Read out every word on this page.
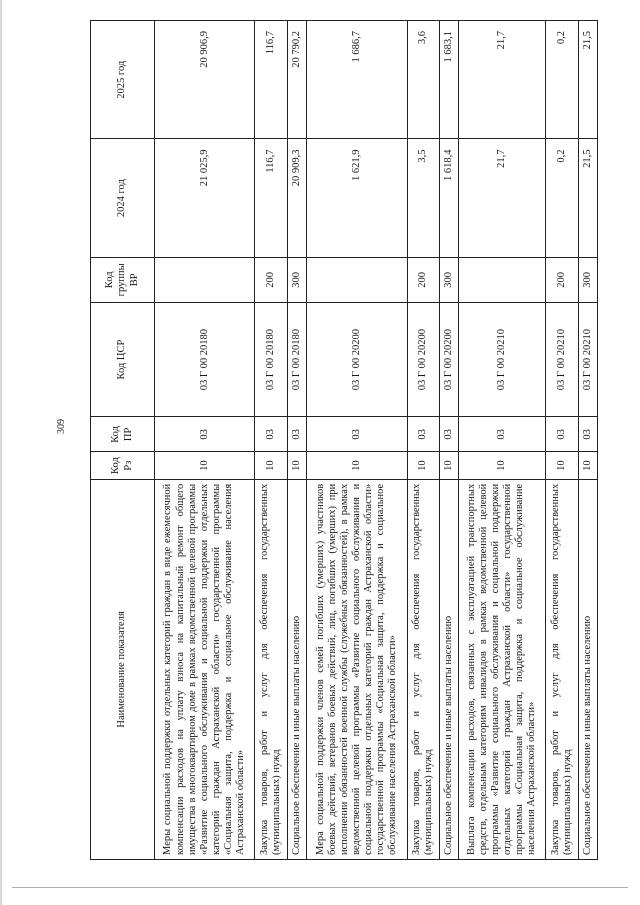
309
Наименование показателя	Код Рз	Код ПР	Код ЦСР	Код группы ВР	2024 год	2025 год
Меры социальной поддержки отдельных категорий граждан в виде ежемесячной компенсации расходов на уплату взноса на капитальный ремонт общего имущества в многоквартирном доме в рамках ведомственной целевой программы «Развитие социального обслуживания и социальной поддержки отдельных категорий граждан Астраханской области» государственной программы «Социальная защита, поддержка и социальное обслуживание населения Астраханской области»	10	03	03 Г 00 20180		21 025,9	20 906,9
Закупка товаров, работ и услуг для обеспечения государственных (муниципальных) нужд	10	03	03 Г 00 20180	200	116,7	116,7
Социальное обеспечение и иные выплаты населению	10	03	03 Г 00 20180	300	20 909,3	20 790,2
Мера социальной поддержки членов семей погибших (умерших) участников боевых действий, ветеранов боевых действий, лиц, погибших (умерших) при исполнении обязанностей военной службы (служебных обязанностей), в рамках ведомственной целевой программы «Развитие социального обслуживания и социальной поддержки отдельных категорий граждан Астраханской области» государственной программы «Социальная защита, поддержка и социальное обслуживание населения Астраханской области»	10	03	03 Г 00 20200		1 621,9	1 686,7
Закупка товаров, работ и услуг для обеспечения государственных (муниципальных) нужд	10	03	03 Г 00 20200	200	3,5	3,6
Социальное обеспечение и иные выплаты населению	10	03	03 Г 00 20200	300	1 618,4	1 683,1
Выплата компенсации расходов, связанных с эксплуатацией транспортных средств, отдельным категориям инвалидов в рамках ведомственной целевой программы «Развитие социального обслуживания и социальной поддержки отдельных категорий граждан Астраханской области» государственной программы «Социальная защита, поддержка и социальное обслуживание населения Астраханской области»	10	03	03 Г 00 20210		21,7	21,7
Закупка товаров, работ и услуг для обеспечения государственных (муниципальных) нужд	10	03	03 Г 00 20210	200	0,2	0,2
Социальное обеспечение и иные выплаты населению	10	03	03 Г 00 20210	300	21,5	21,5
